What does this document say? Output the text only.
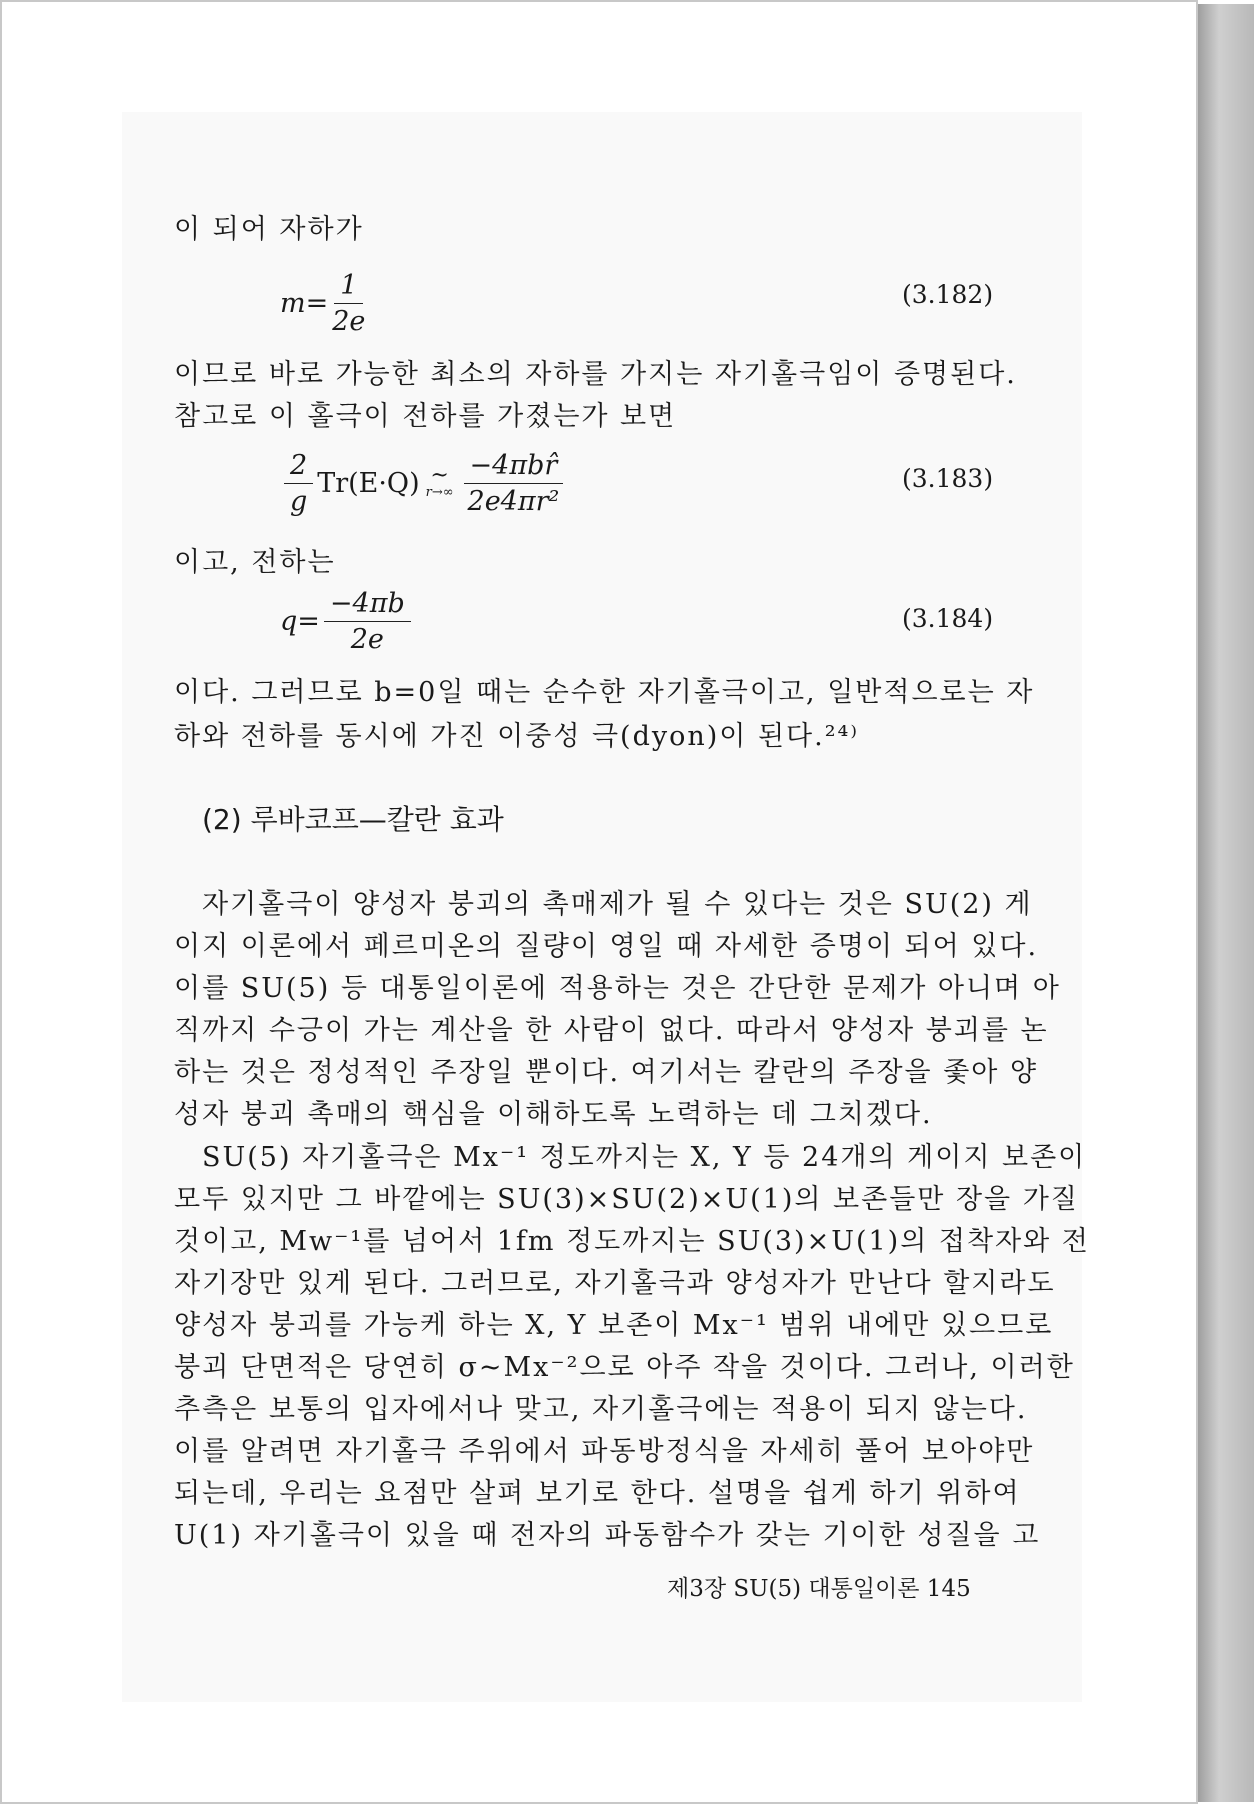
이 되어 자하가
$m= \frac{1}{2e}$	(3.182)
이므로 바로 가능한 최소의 자하를 가지는 자기홀극임이 증명된다.
참고로 이 홀극이 전하를 가졌는가 보면
$\frac{2}{g} Tr(E\cdot Q)$ ~
$r\to\infty \frac{\text{−4πbr̂}}{\text{2e4πr²}}$	(3.183)
이고, 전하는
$q= \frac{-4\pi b}{2e}$	(3.184)
이다. 그러므로 b=0일 때는 순수한 자기홀극이고, 일반적으로는 자
하와 전하를 동시에 가진 이중성 극(dyon)이 된다.²⁴⁾
(2) 루바코프—칼란 효과
자기홀극이 양성자 붕괴의 촉매제가 될 수 있다는 것은 SU(2) 게
이지 이론에서 페르미온의 질량이 영일 때 자세한 증명이 되어 있다.
이를 SU(5) 등 대통일이론에 적용하는 것은 간단한 문제가 아니며 아
직까지 수긍이 가는 계산을 한 사람이 없다. 따라서 양성자 붕괴를 논
하는 것은 정성적인 주장일 뿐이다. 여기서는 칼란의 주장을 좇아 양
성자 붕괴 촉매의 핵심을 이해하도록 노력하는 데 그치겠다.
SU(5) 자기홀극은 Mx⁻¹ 정도까지는 X, Y 등 24개의 게이지 보존이
모두 있지만 그 바깥에는 SU(3)×SU(2)×U(1)의 보존들만 장을 가질
것이고, Mw⁻¹를 넘어서 1fm 정도까지는 SU(3)×U(1)의 접착자와 전
자기장만 있게 된다. 그러므로, 자기홀극과 양성자가 만난다 할지라도
양성자 붕괴를 가능케 하는 X, Y 보존이 Mx⁻¹ 범위 내에만 있으므로
붕괴 단면적은 당연히 σ~Mx⁻²으로 아주 작을 것이다. 그러나, 이러한
추측은 보통의 입자에서나 맞고, 자기홀극에는 적용이 되지 않는다.
이를 알려면 자기홀극 주위에서 파동방정식을 자세히 풀어 보아야만
되는데, 우리는 요점만 살펴 보기로 한다. 설명을 쉽게 하기 위하여
U(1) 자기홀극이 있을 때 전자의 파동함수가 갖는 기이한 성질을 고
제3장 SU(5) 대통일이론 145
